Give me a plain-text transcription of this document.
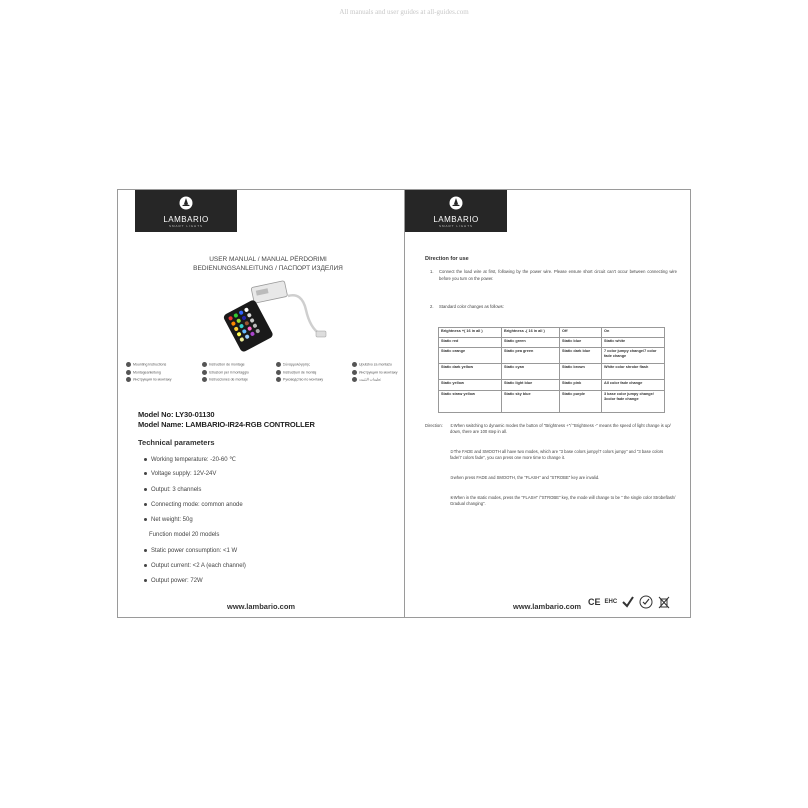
All manuals and user guides at all-guides.com
LAMBARIO
SMART LIGHTS
USER MANUAL / MANUAL PËRDORIMI
BEDIENUNGSANLEITUNG / ПАСПОРТ ИЗДЕЛИЯ
Mounting Instructions
Montageanleitung
Инструкция по монтажу
Instruction de montage
Istruzioni per il montaggio
Instrucciones de montaje
Σύναρμολόγησης
Instrucțiuni de montaj
Руководство по монтажу
Uputstvo za montažu
Инструкция по монтажу
تعليمات التثبيت
Model No: LY30-01130
Model Name: LAMBARIO-IR24-RGB CONTROLLER
Technical parameters
Working temperature: -20-60 ℃
Voltage supply: 12V-24V
Output: 3 channels
Connecting mode: common anode
Net weight: 50g
Function model 20 models
Static power consumption: <1 W
Output current: <2 A (each channel)
Output power: 72W
www.lambario.com
LAMBARIO
SMART LIGHTS
Direction for use
1. Connect the load wire at first, following by the power wire. Please ensure short circuit can't occur between connecting wire before you turn on the power.
2. Standard color changes as follows:
Brightness +( 16 in all )	Brightness -( 16 in all )	Off	On
Static red	Static green	Static blue	Static white
Static orange	Static pea green	Static dark blue	7 color jumpy change/7 color fade change
Static dark yellow	Static cyan	Static brown	White color shrobe flash
Static yellow	Static light blue	Static pink	All color fade change
Static straw yellow	Static sky blue	Static purple	3 base color jumpy change/ 3color fade change
Direction: ①When switching to dynamic modes the button of "Brightness +"/ "Brightness -" means the speed of light change is up/ down, there are 100 step in all.
②The FADE and SMOOTH all have two modes, which are "3 base colors jumpy/7 colors jumpy" and "3 base colors fade/7 colors fade", you can press one more time to change it.
③when press FADE and SMOOTH, the "FLASH" and "STROBE" key are invalid.
④When in the static modes, press the "FLASH" /"STROBE" key, the mode will change to be " the single color Strobeflash/ Gradual changing".
www.lambario.com CE EHC
